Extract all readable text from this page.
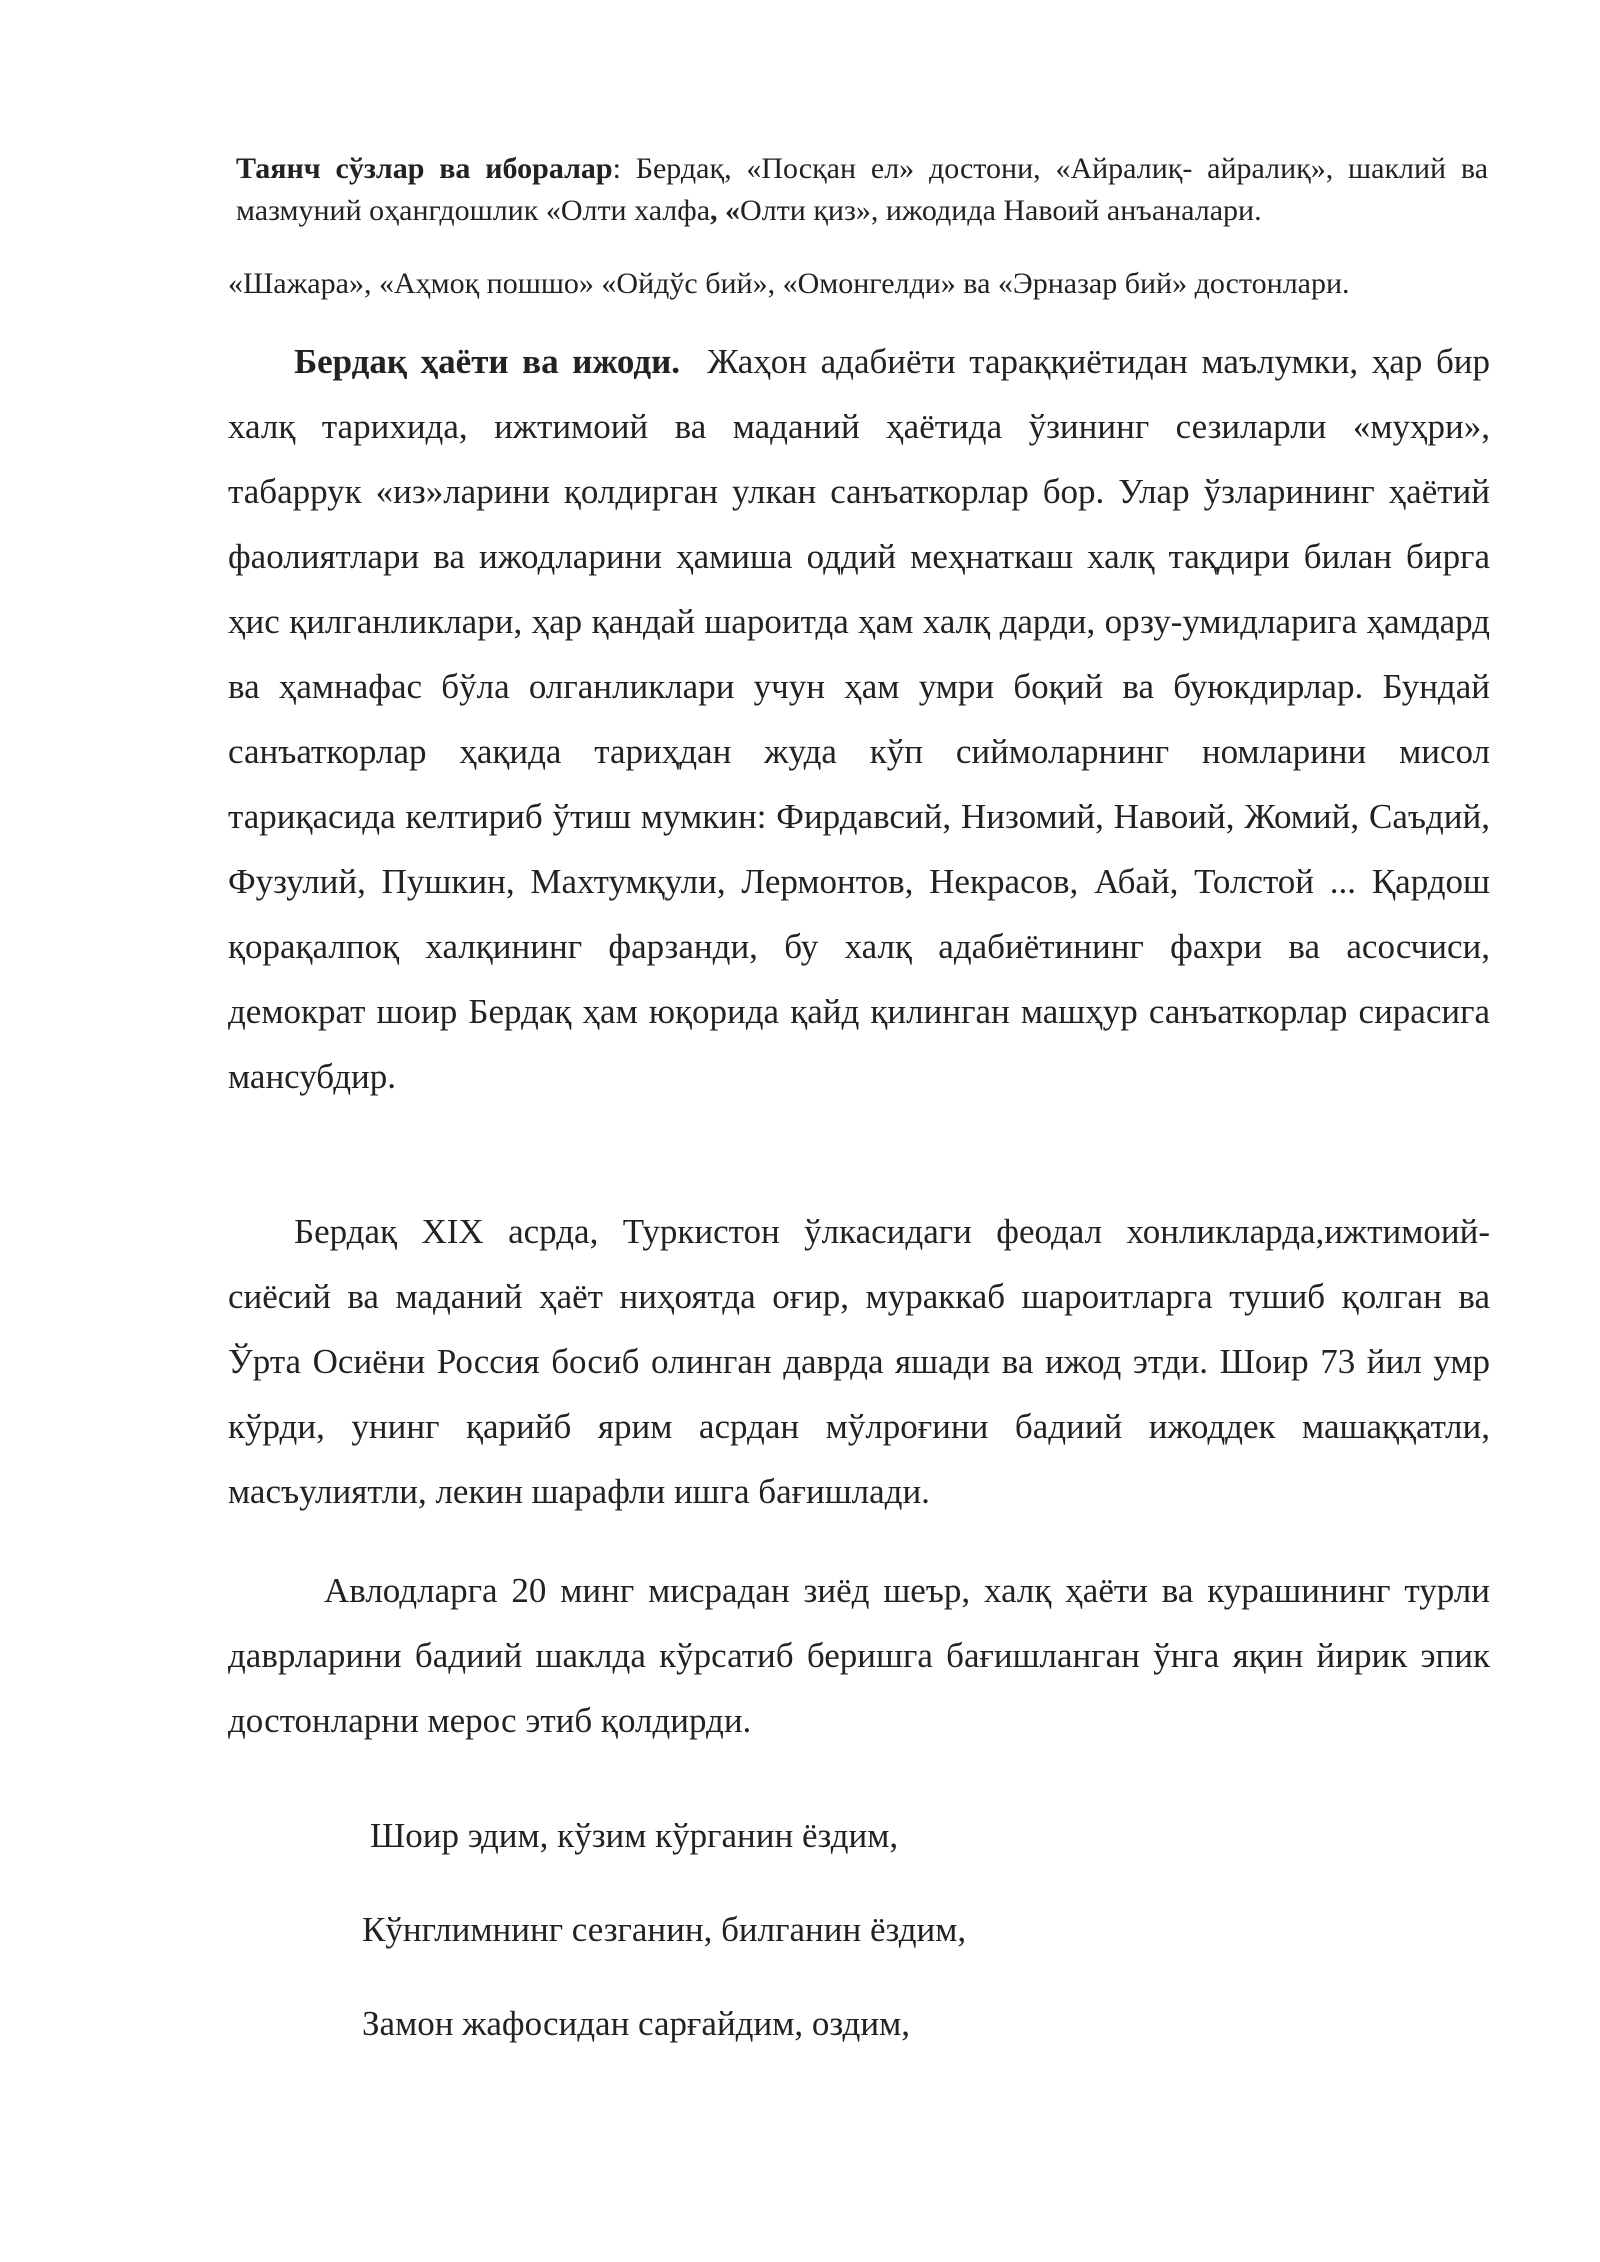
Таянч сўзлар ва иборалар: Бердақ, «Посқан ел» достони, «Айралиқ- айралиқ», шаклий ва мазмуний оҳангдошлик «Олти халфа, «Олти қиз», ижодида Навоий анъаналари.

«Шажара», «Аҳмоқ пошшо» «Ойдўс бий», «Омонгелди» ва «Эрназар бий» достонлари.

Бердақ ҳаёти ва ижоди. Жаҳон адабиёти тараққиётидан маълумки, ҳар бир халқ тарихида, ижтимоий ва маданий ҳаётида ўзининг сезиларли «муҳри», табаррук «из»ларини қолдирган улкан санъаткорлар бор. Улар ўзларининг ҳаётий фаолиятлари ва ижодларини ҳамиша оддий меҳнаткаш халқ тақдири билан бирга ҳис қилганликлари, ҳар қандай шароитда ҳам халқ дарди, орзу-умидларига ҳамдард ва ҳамнафас бўла олганликлари учун ҳам умри боқий ва буюкдирлар. Бундай санъаткорлар ҳақида тариҳдан жуда кўп сиймоларнинг номларини мисол тариқасида келтириб ўтиш мумкин: Фирдавсий, Низомий, Навоий, Жомий, Саъдий, Фузулий, Пушкин, Махтумқули, Лермонтов, Некрасов, Абай, Толстой ... Қардош қорақалпоқ халқининг фарзанди, бу халқ адабиётининг фахри ва асосчиси, демократ шоир Бердақ ҳам юқорида қайд қилинган машҳур санъаткорлар сирасига мансубдир.

Бердақ XIX асрда, Туркистон ўлкасидаги феодал хонликларда,ижтимоий-сиёсий ва маданий ҳаёт ниҳоятда оғир, мураккаб шароитларга тушиб қолган ва Ўрта Осиёни Россия босиб олинган даврда яшади ва ижод этди. Шоир 73 йил умр кўрди, унинг қарийб ярим асрдан мўлроғини бадиий ижоддек машаққатли, масъулиятли, лекин шарафли ишга бағишлади.

Авлодларга 20 минг мисрадан зиёд шеър, халқ ҳаёти ва курашининг турли даврларини бадиий шаклда кўрсатиб беришга бағишланган ўнга яқин йирик эпик достонларни мерос этиб қолдирди.

Шоир эдим, кўзим кўрганин ёздим,
Кўнглимнинг сезганин, билганин ёздим,
Замон жафосидан сарғайдим, оздим,
